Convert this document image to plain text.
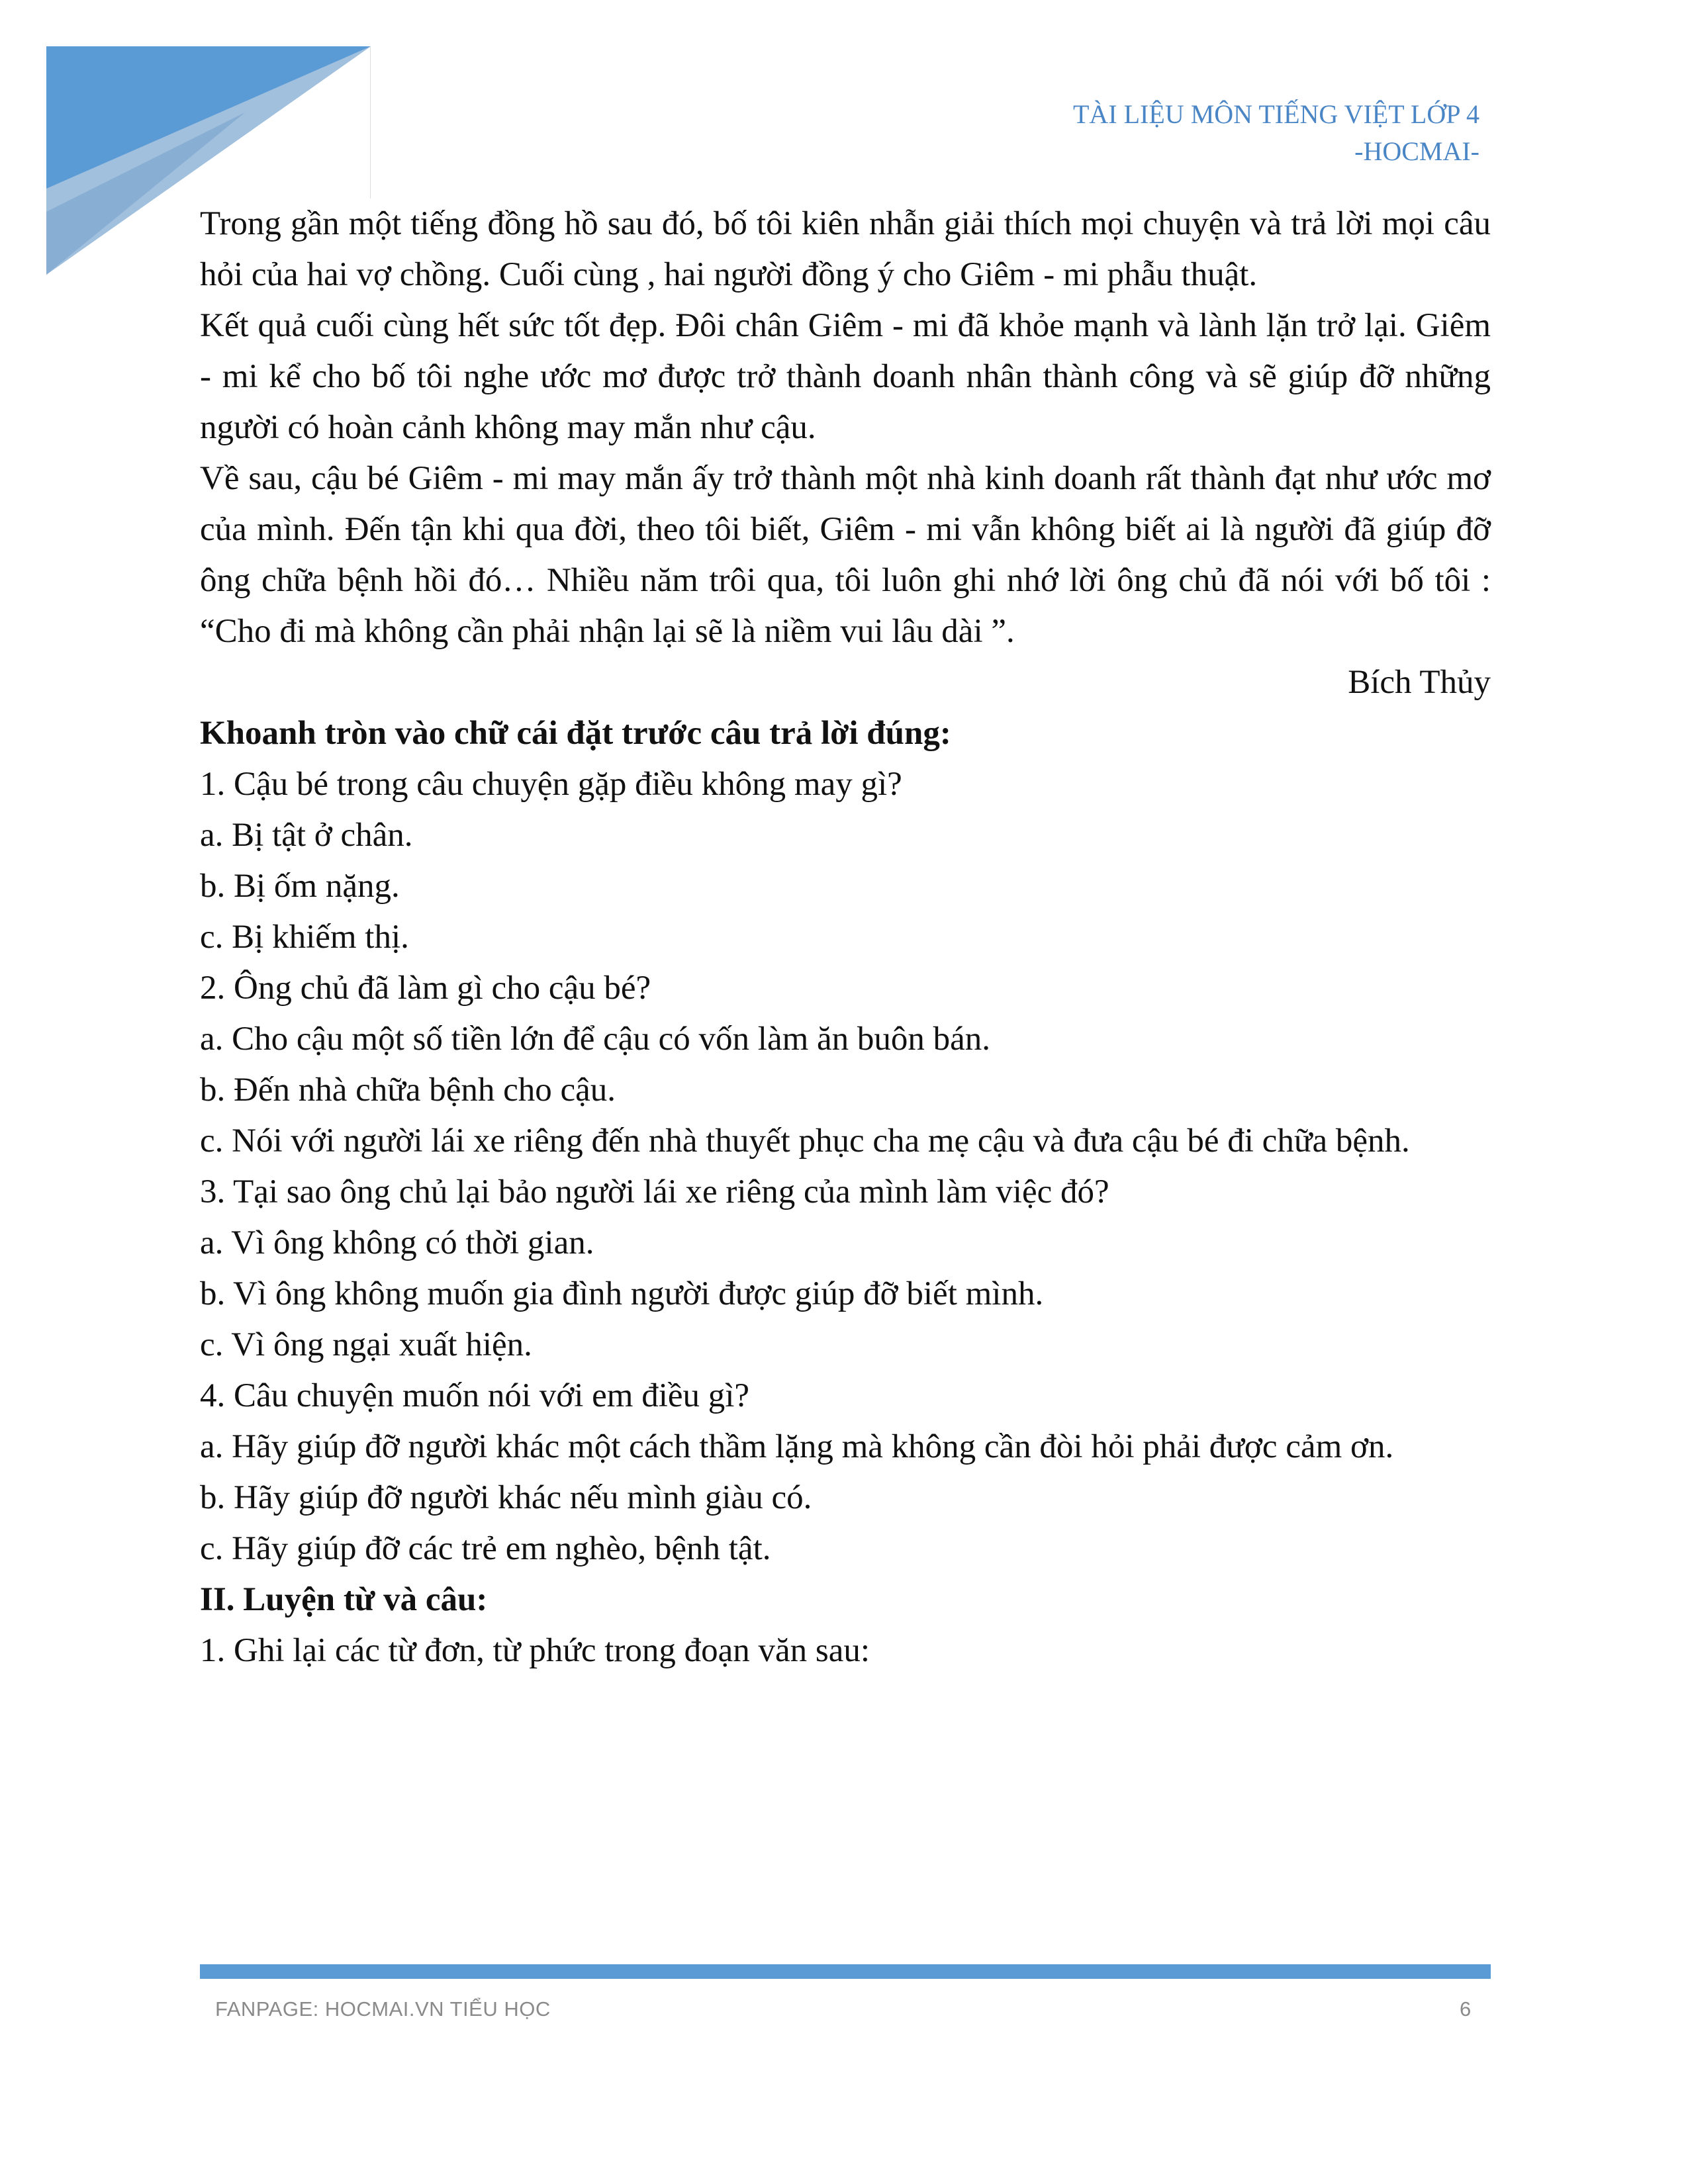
TÀI LIỆU MÔN TIẾNG VIỆT LỚP 4
-HOCMAI-

Trong gần một tiếng đồng hồ sau đó, bố tôi kiên nhẫn giải thích mọi chuyện và trả lời mọi câu hỏi của hai vợ chồng. Cuối cùng , hai người đồng ý cho Giêm - mi phẫu thuật.

Kết quả cuối cùng hết sức tốt đẹp. Đôi chân Giêm - mi đã khỏe mạnh và lành lặn trở lại. Giêm - mi kể cho bố tôi nghe ước mơ được trở thành doanh nhân thành công và sẽ giúp đỡ những người có hoàn cảnh không may mắn như cậu.

Về sau, cậu bé Giêm - mi may mắn ấy trở thành một nhà kinh doanh rất thành đạt như ước mơ của mình. Đến tận khi qua đời, theo tôi biết, Giêm - mi vẫn không biết ai là người đã giúp đỡ ông chữa bệnh hồi đó… Nhiều năm trôi qua, tôi luôn ghi nhớ lời ông chủ đã nói với bố tôi : “Cho đi mà không cần phải nhận lại sẽ là niềm vui lâu dài ”.

Bích Thủy

Khoanh tròn vào chữ cái đặt trước câu trả lời đúng:

1. Cậu bé trong câu chuyện gặp điều không may gì?

a. Bị tật ở chân.

b. Bị ốm nặng.

c. Bị khiếm thị.

2. Ông chủ đã làm gì cho cậu bé?

a. Cho cậu một số tiền lớn để cậu có vốn làm ăn buôn bán.

b. Đến nhà chữa bệnh cho cậu.

c. Nói với người lái xe riêng đến nhà thuyết phục cha mẹ cậu và đưa cậu bé đi chữa bệnh.

3. Tại sao ông chủ lại bảo người lái xe riêng của mình làm việc đó?

a. Vì ông không có thời gian.

b. Vì ông không muốn gia đình người được giúp đỡ biết mình.

c. Vì ông ngại xuất hiện.

4. Câu chuyện muốn nói với em điều gì?

a. Hãy giúp đỡ người khác một cách thầm lặng mà không cần đòi hỏi phải được cảm ơn.

b. Hãy giúp đỡ người khác nếu mình giàu có.

c. Hãy giúp đỡ các trẻ em nghèo, bệnh tật.

II. Luyện từ và câu:

1. Ghi lại các từ đơn, từ phức trong đoạn văn sau:

FANPAGE: HOCMAI.VN TIỂU HỌC	6
